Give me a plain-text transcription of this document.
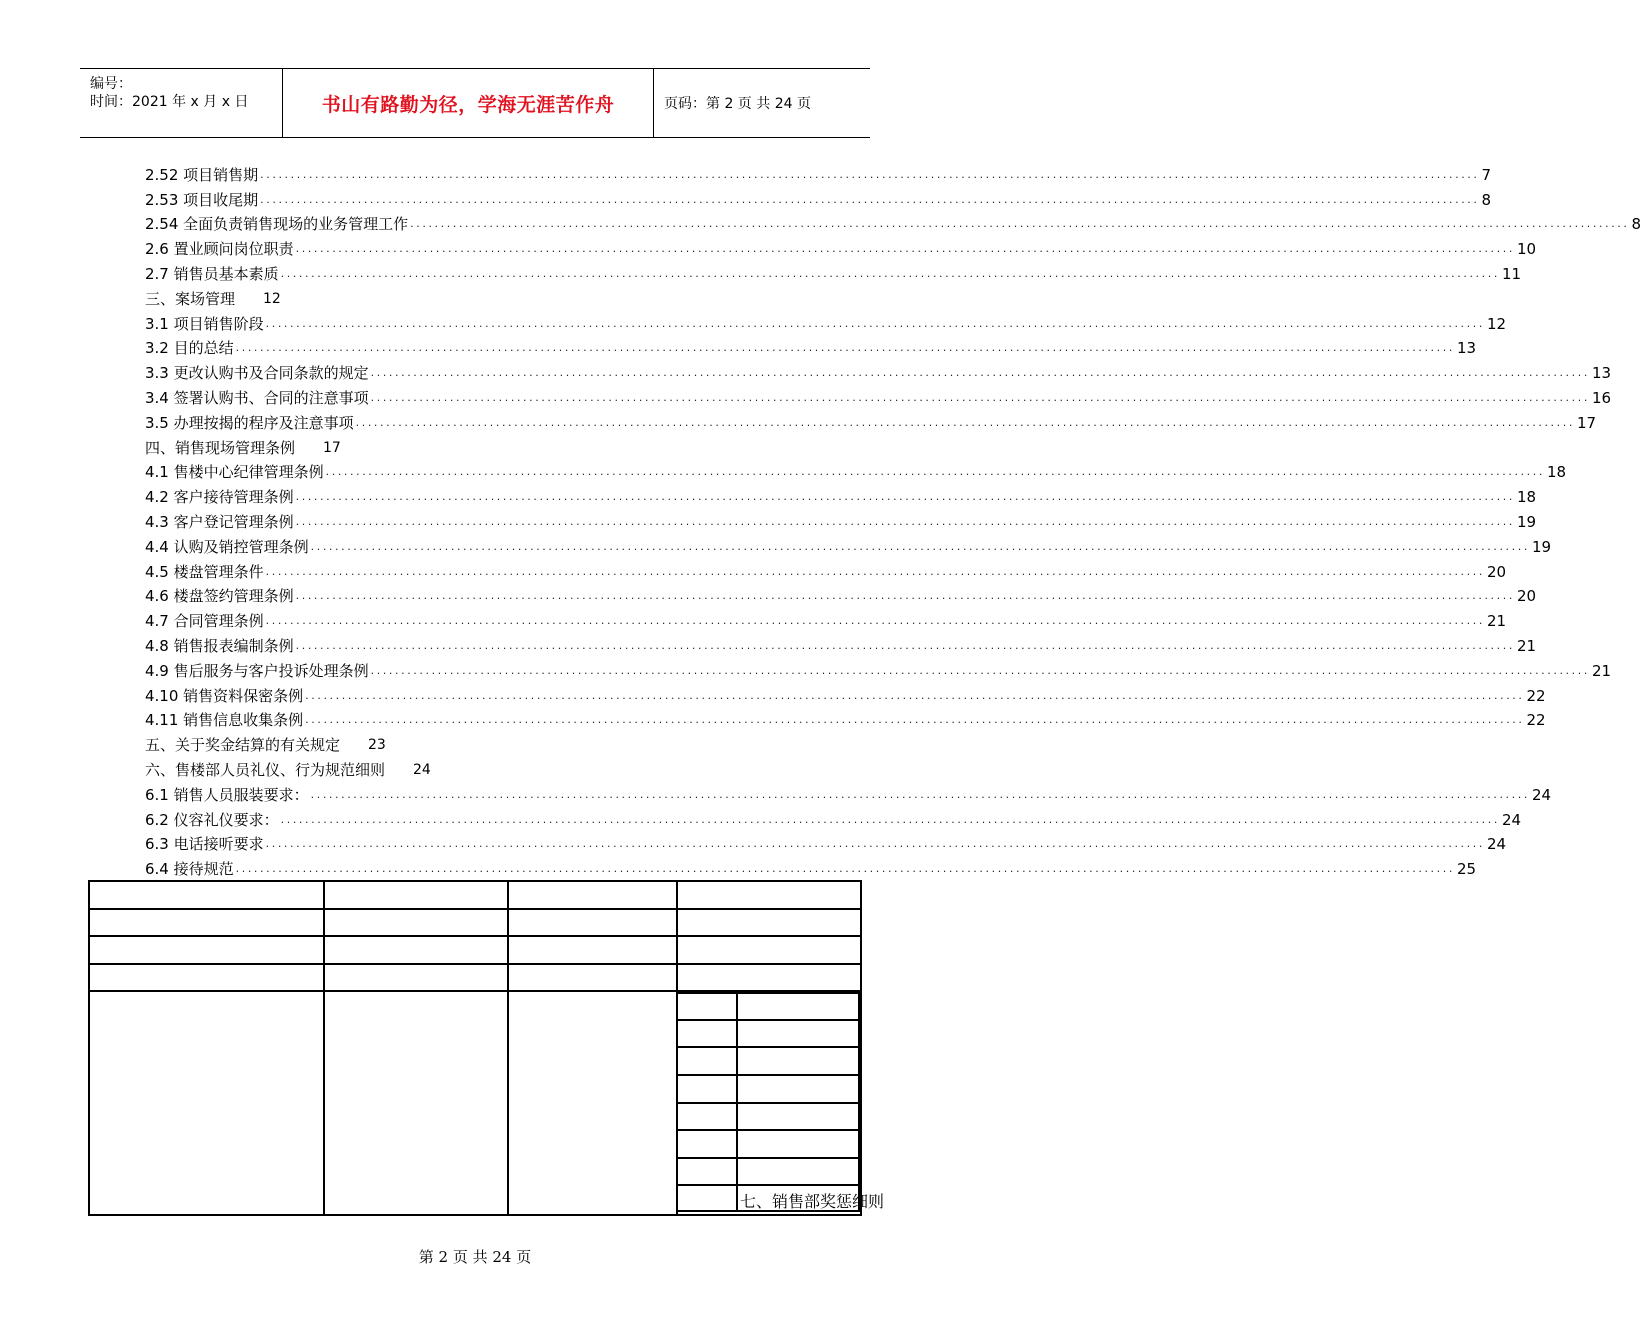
编号：
时间：2021 年 x 月 x 日	书山有路勤为径，学海无涯苦作舟	页码：第 2 页 共 24 页
2.52 项目销售期 ........................................................................................................................................................................................................ 7
2.53 项目收尾期 ........................................................................................................................................................................................................ 8
2.54 全面负责销售现场的业务管理工作 ........................................................................................................................................................................................................ 8
2.6 置业顾问岗位职责 ........................................................................................................................................................................................................ 10
2.7 销售员基本素质 ........................................................................................................................................................................................................ 11
三、案场管理 12
3.1 项目销售阶段 ........................................................................................................................................................................................................ 12
3.2 目的总结 ........................................................................................................................................................................................................ 13
3.3 更改认购书及合同条款的规定 ........................................................................................................................................................................................................ 13
3.4 签署认购书、合同的注意事项 ........................................................................................................................................................................................................ 16
3.5 办理按揭的程序及注意事项 ........................................................................................................................................................................................................ 17
四、销售现场管理条例 17
4.1 售楼中心纪律管理条例 ........................................................................................................................................................................................................ 18
4.2 客户接待管理条例 ........................................................................................................................................................................................................ 18
4.3 客户登记管理条例 ........................................................................................................................................................................................................ 19
4.4 认购及销控管理条例 ........................................................................................................................................................................................................ 19
4.5 楼盘管理条件 ........................................................................................................................................................................................................ 20
4.6 楼盘签约管理条例 ........................................................................................................................................................................................................ 20
4.7 合同管理条例 ........................................................................................................................................................................................................ 21
4.8 销售报表编制条例 ........................................................................................................................................................................................................ 21
4.9 售后服务与客户投诉处理条例 ........................................................................................................................................................................................................ 21
4.10 销售资料保密条例 ........................................................................................................................................................................................................ 22
4.11 销售信息收集条例 ........................................................................................................................................................................................................ 22
五、关于奖金结算的有关规定 23
六、售楼部人员礼仪、行为规范细则 24
6.1 销售人员服装要求： ........................................................................................................................................................................................................ 24
6.2 仪容礼仪要求： ........................................................................................................................................................................................................ 24
6.3 电话接听要求 ........................................................................................................................................................................................................ 24
6.4 接待规范 ........................................................................................................................................................................................................ 25
七、销售部奖惩细则
第 2 页 共 24 页
